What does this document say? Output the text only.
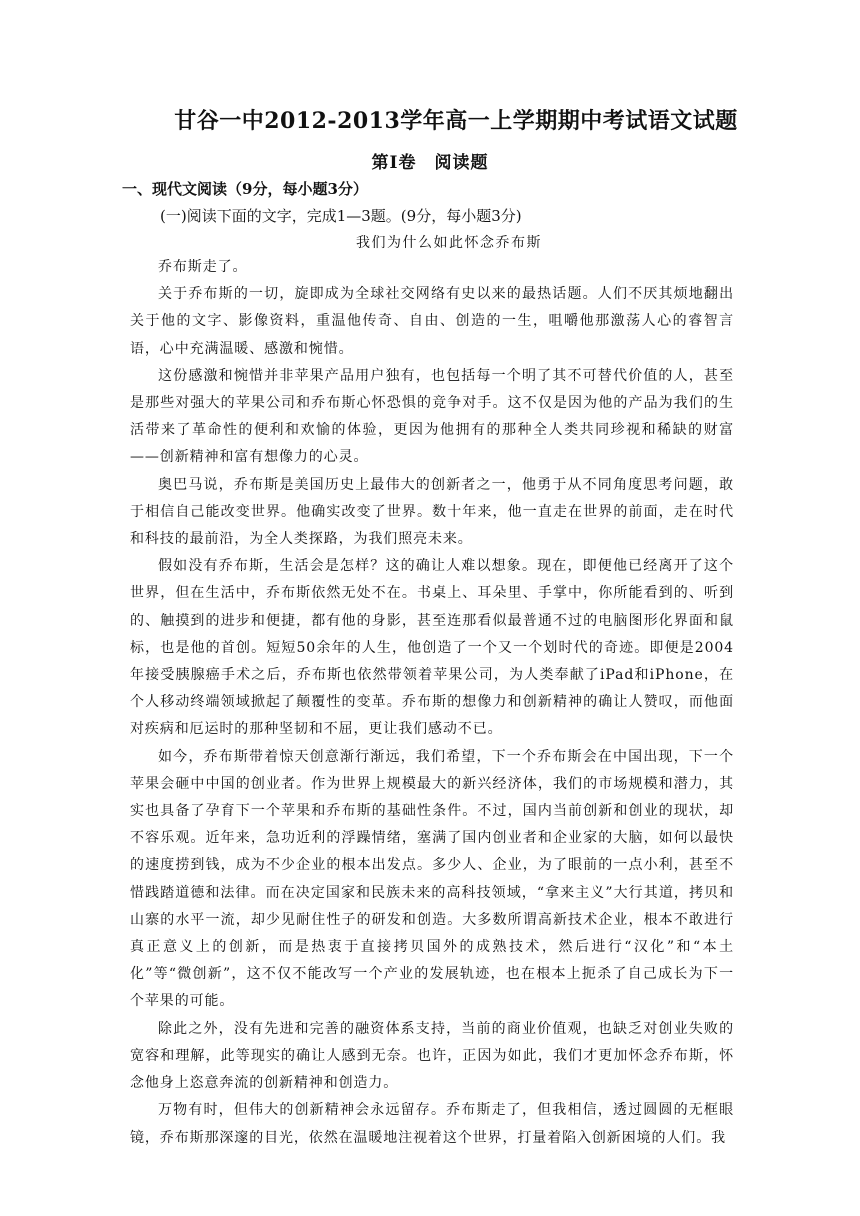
甘谷一中2012-2013学年高一上学期期中考试语文试题
第Ⅰ卷　阅读题
一、现代文阅读（9分，每小题3分）
(一)阅读下面的文字，完成1—3题。(9分，每小题3分)
我们为什么如此怀念乔布斯

乔布斯走了。

关于乔布斯的一切，旋即成为全球社交网络有史以来的最热话题。人们不厌其烦地翻出关于他的文字、影像资料，重温他传奇、自由、创造的一生，咀嚼他那激荡人心的睿智言语，心中充满温暖、感激和惋惜。

这份感激和惋惜并非苹果产品用户独有，也包括每一个明了其不可替代价值的人，甚至是那些对强大的苹果公司和乔布斯心怀恐惧的竞争对手。这不仅是因为他的产品为我们的生活带来了革命性的便利和欢愉的体验，更因为他拥有的那种全人类共同珍视和稀缺的财富——创新精神和富有想像力的心灵。

奥巴马说，乔布斯是美国历史上最伟大的创新者之一，他勇于从不同角度思考问题，敢于相信自己能改变世界。他确实改变了世界。数十年来，他一直走在世界的前面，走在时代和科技的最前沿，为全人类探路，为我们照亮未来。

假如没有乔布斯，生活会是怎样？这的确让人难以想象。现在，即便他已经离开了这个世界，但在生活中，乔布斯依然无处不在。书桌上、耳朵里、手掌中，你所能看到的、听到的、触摸到的进步和便捷，都有他的身影，甚至连那看似最普通不过的电脑图形化界面和鼠标，也是他的首创。短短50余年的人生，他创造了一个又一个划时代的奇迹。即便是2004年接受胰腺癌手术之后，乔布斯也依然带领着苹果公司，为人类奉献了iPad和iPhone，在个人移动终端领域掀起了颠覆性的变革。乔布斯的想像力和创新精神的确让人赞叹，而他面对疾病和厄运时的那种坚韧和不屈，更让我们感动不已。

如今，乔布斯带着惊天创意渐行渐远，我们希望，下一个乔布斯会在中国出现，下一个苹果会砸中中国的创业者。作为世界上规模最大的新兴经济体，我们的市场规模和潜力，其实也具备了孕育下一个苹果和乔布斯的基础性条件。不过，国内当前创新和创业的现状，却不容乐观。近年来，急功近利的浮躁情绪，塞满了国内创业者和企业家的大脑，如何以最快的速度捞到钱，成为不少企业的根本出发点。多少人、企业，为了眼前的一点小利，甚至不惜践踏道德和法律。而在决定国家和民族未来的高科技领域，“拿来主义”大行其道，拷贝和山寨的水平一流，却少见耐住性子的研发和创造。大多数所谓高新技术企业，根本不敢进行真正意义上的创新，而是热衷于直接拷贝国外的成熟技术，然后进行“汉化”和“本土化”等“微创新”，这不仅不能改写一个产业的发展轨迹，也在根本上扼杀了自己成长为下一个苹果的可能。

除此之外，没有先进和完善的融资体系支持，当前的商业价值观，也缺乏对创业失败的宽容和理解，此等现实的确让人感到无奈。也许，正因为如此，我们才更加怀念乔布斯，怀念他身上恣意奔流的创新精神和创造力。

万物有时，但伟大的创新精神会永远留存。乔布斯走了，但我相信，透过圆圆的无框眼镜，乔布斯那深邃的目光，依然在温暖地注视着这个世界，打量着陷入创新困境的人们。我
